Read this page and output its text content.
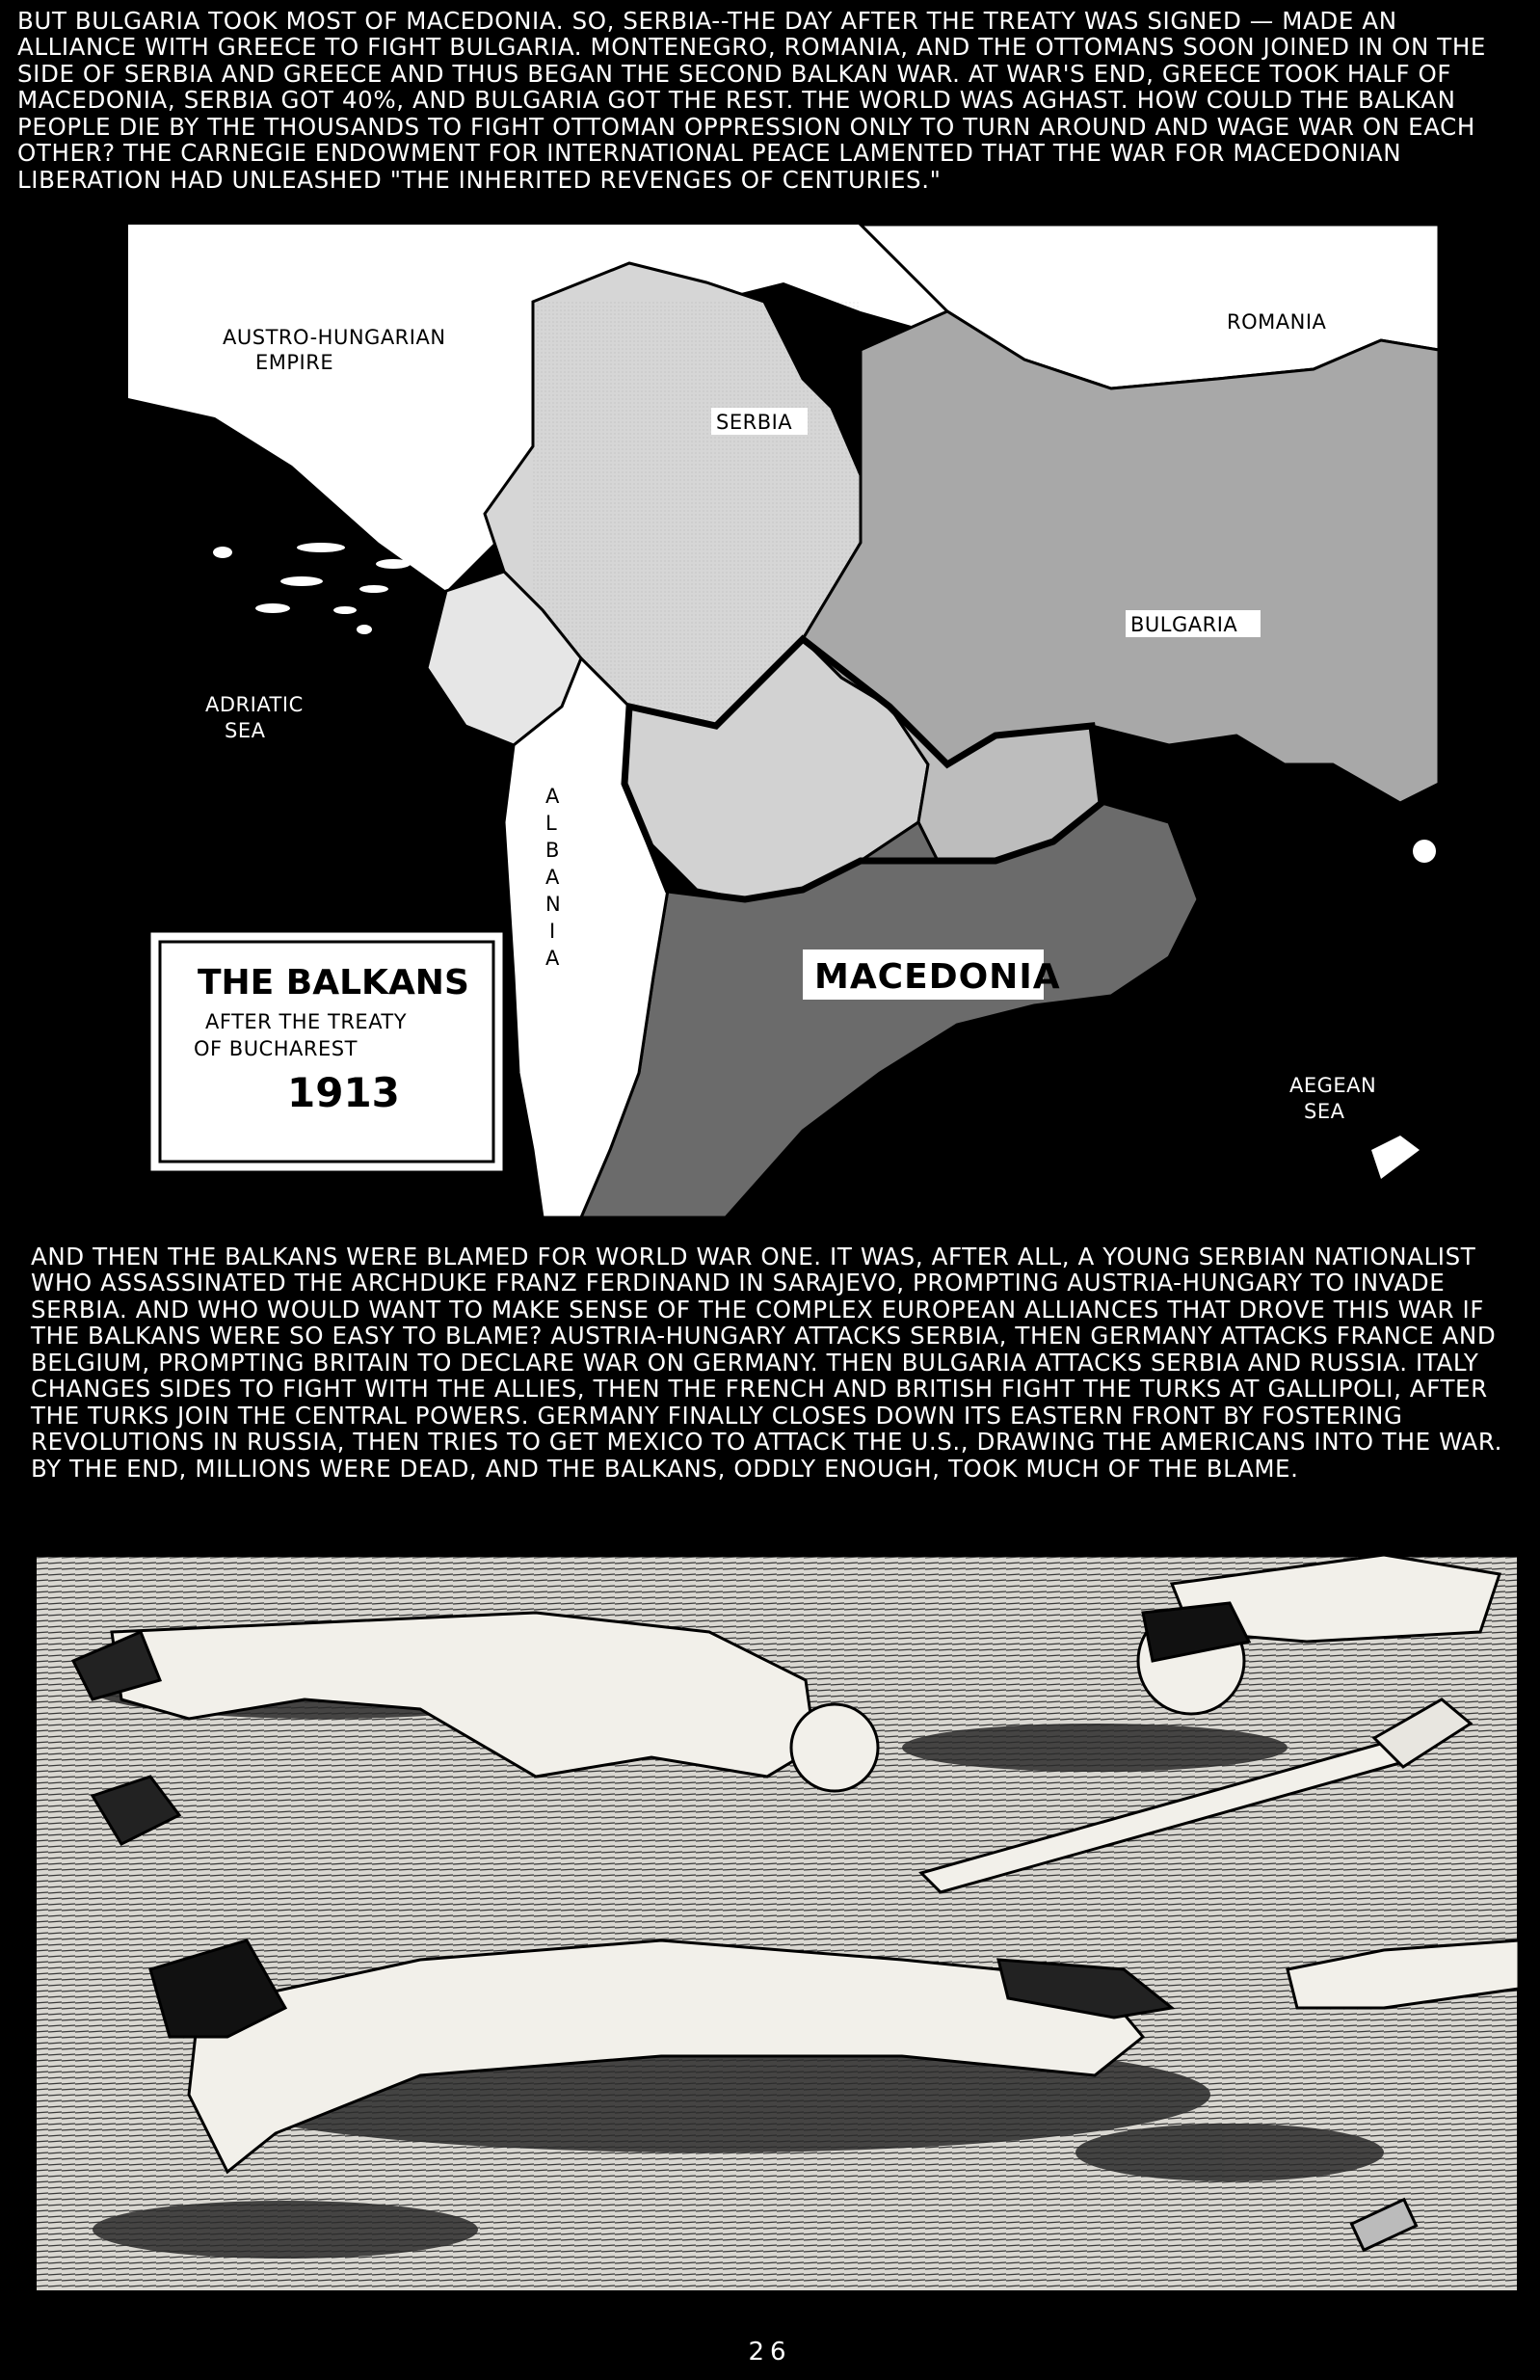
BUT BULGARIA TOOK MOST OF MACEDONIA. SO, SERBIA--THE DAY AFTER THE TREATY WAS SIGNED — MADE AN ALLIANCE WITH GREECE TO FIGHT BULGARIA. MONTENEGRO, ROMANIA, AND THE OTTOMANS SOON JOINED IN ON THE SIDE OF SERBIA AND GREECE AND THUS BEGAN THE SECOND BALKAN WAR. AT WAR'S END, GREECE TOOK HALF OF MACEDONIA, SERBIA GOT 40%, AND BULGARIA GOT THE REST. THE WORLD WAS AGHAST. HOW COULD THE BALKAN PEOPLE DIE BY THE THOUSANDS TO FIGHT OTTOMAN OPPRESSION ONLY TO TURN AROUND AND WAGE WAR ON EACH OTHER? THE CARNEGIE ENDOWMENT FOR INTERNATIONAL PEACE LAMENTED THAT THE WAR FOR MACEDONIAN LIBERATION HAD UNLEASHED "THE INHERITED REVENGES OF CENTURIES."
AUSTRO-HUNGARIAN
EMPIRE
ROMANIA
SERBIA
BULGARIA
ADRIATIC
SEA
A
L
B
A
N
I
A	MACEDONIA
AEGEAN
SEA
THE BALKANS
AFTER THE TREATY
OF BUCHAREST
1913
AND THEN THE BALKANS WERE BLAMED FOR WORLD WAR ONE. IT WAS, AFTER ALL, A YOUNG SERBIAN NATIONALIST WHO ASSASSINATED THE ARCHDUKE FRANZ FERDINAND IN SARAJEVO, PROMPTING AUSTRIA-HUNGARY TO INVADE SERBIA. AND WHO WOULD WANT TO MAKE SENSE OF THE COMPLEX EUROPEAN ALLIANCES THAT DROVE THIS WAR IF THE BALKANS WERE SO EASY TO BLAME? AUSTRIA-HUNGARY ATTACKS SERBIA, THEN GERMANY ATTACKS FRANCE AND BELGIUM, PROMPTING BRITAIN TO DECLARE WAR ON GERMANY. THEN BULGARIA ATTACKS SERBIA AND RUSSIA. ITALY CHANGES SIDES TO FIGHT WITH THE ALLIES, THEN THE FRENCH AND BRITISH FIGHT THE TURKS AT GALLIPOLI, AFTER THE TURKS JOIN THE CENTRAL POWERS. GERMANY FINALLY CLOSES DOWN ITS EASTERN FRONT BY FOSTERING REVOLUTIONS IN RUSSIA, THEN TRIES TO GET MEXICO TO ATTACK THE U.S., DRAWING THE AMERICANS INTO THE WAR. BY THE END, MILLIONS WERE DEAD, AND THE BALKANS, ODDLY ENOUGH, TOOK MUCH OF THE BLAME.
26
